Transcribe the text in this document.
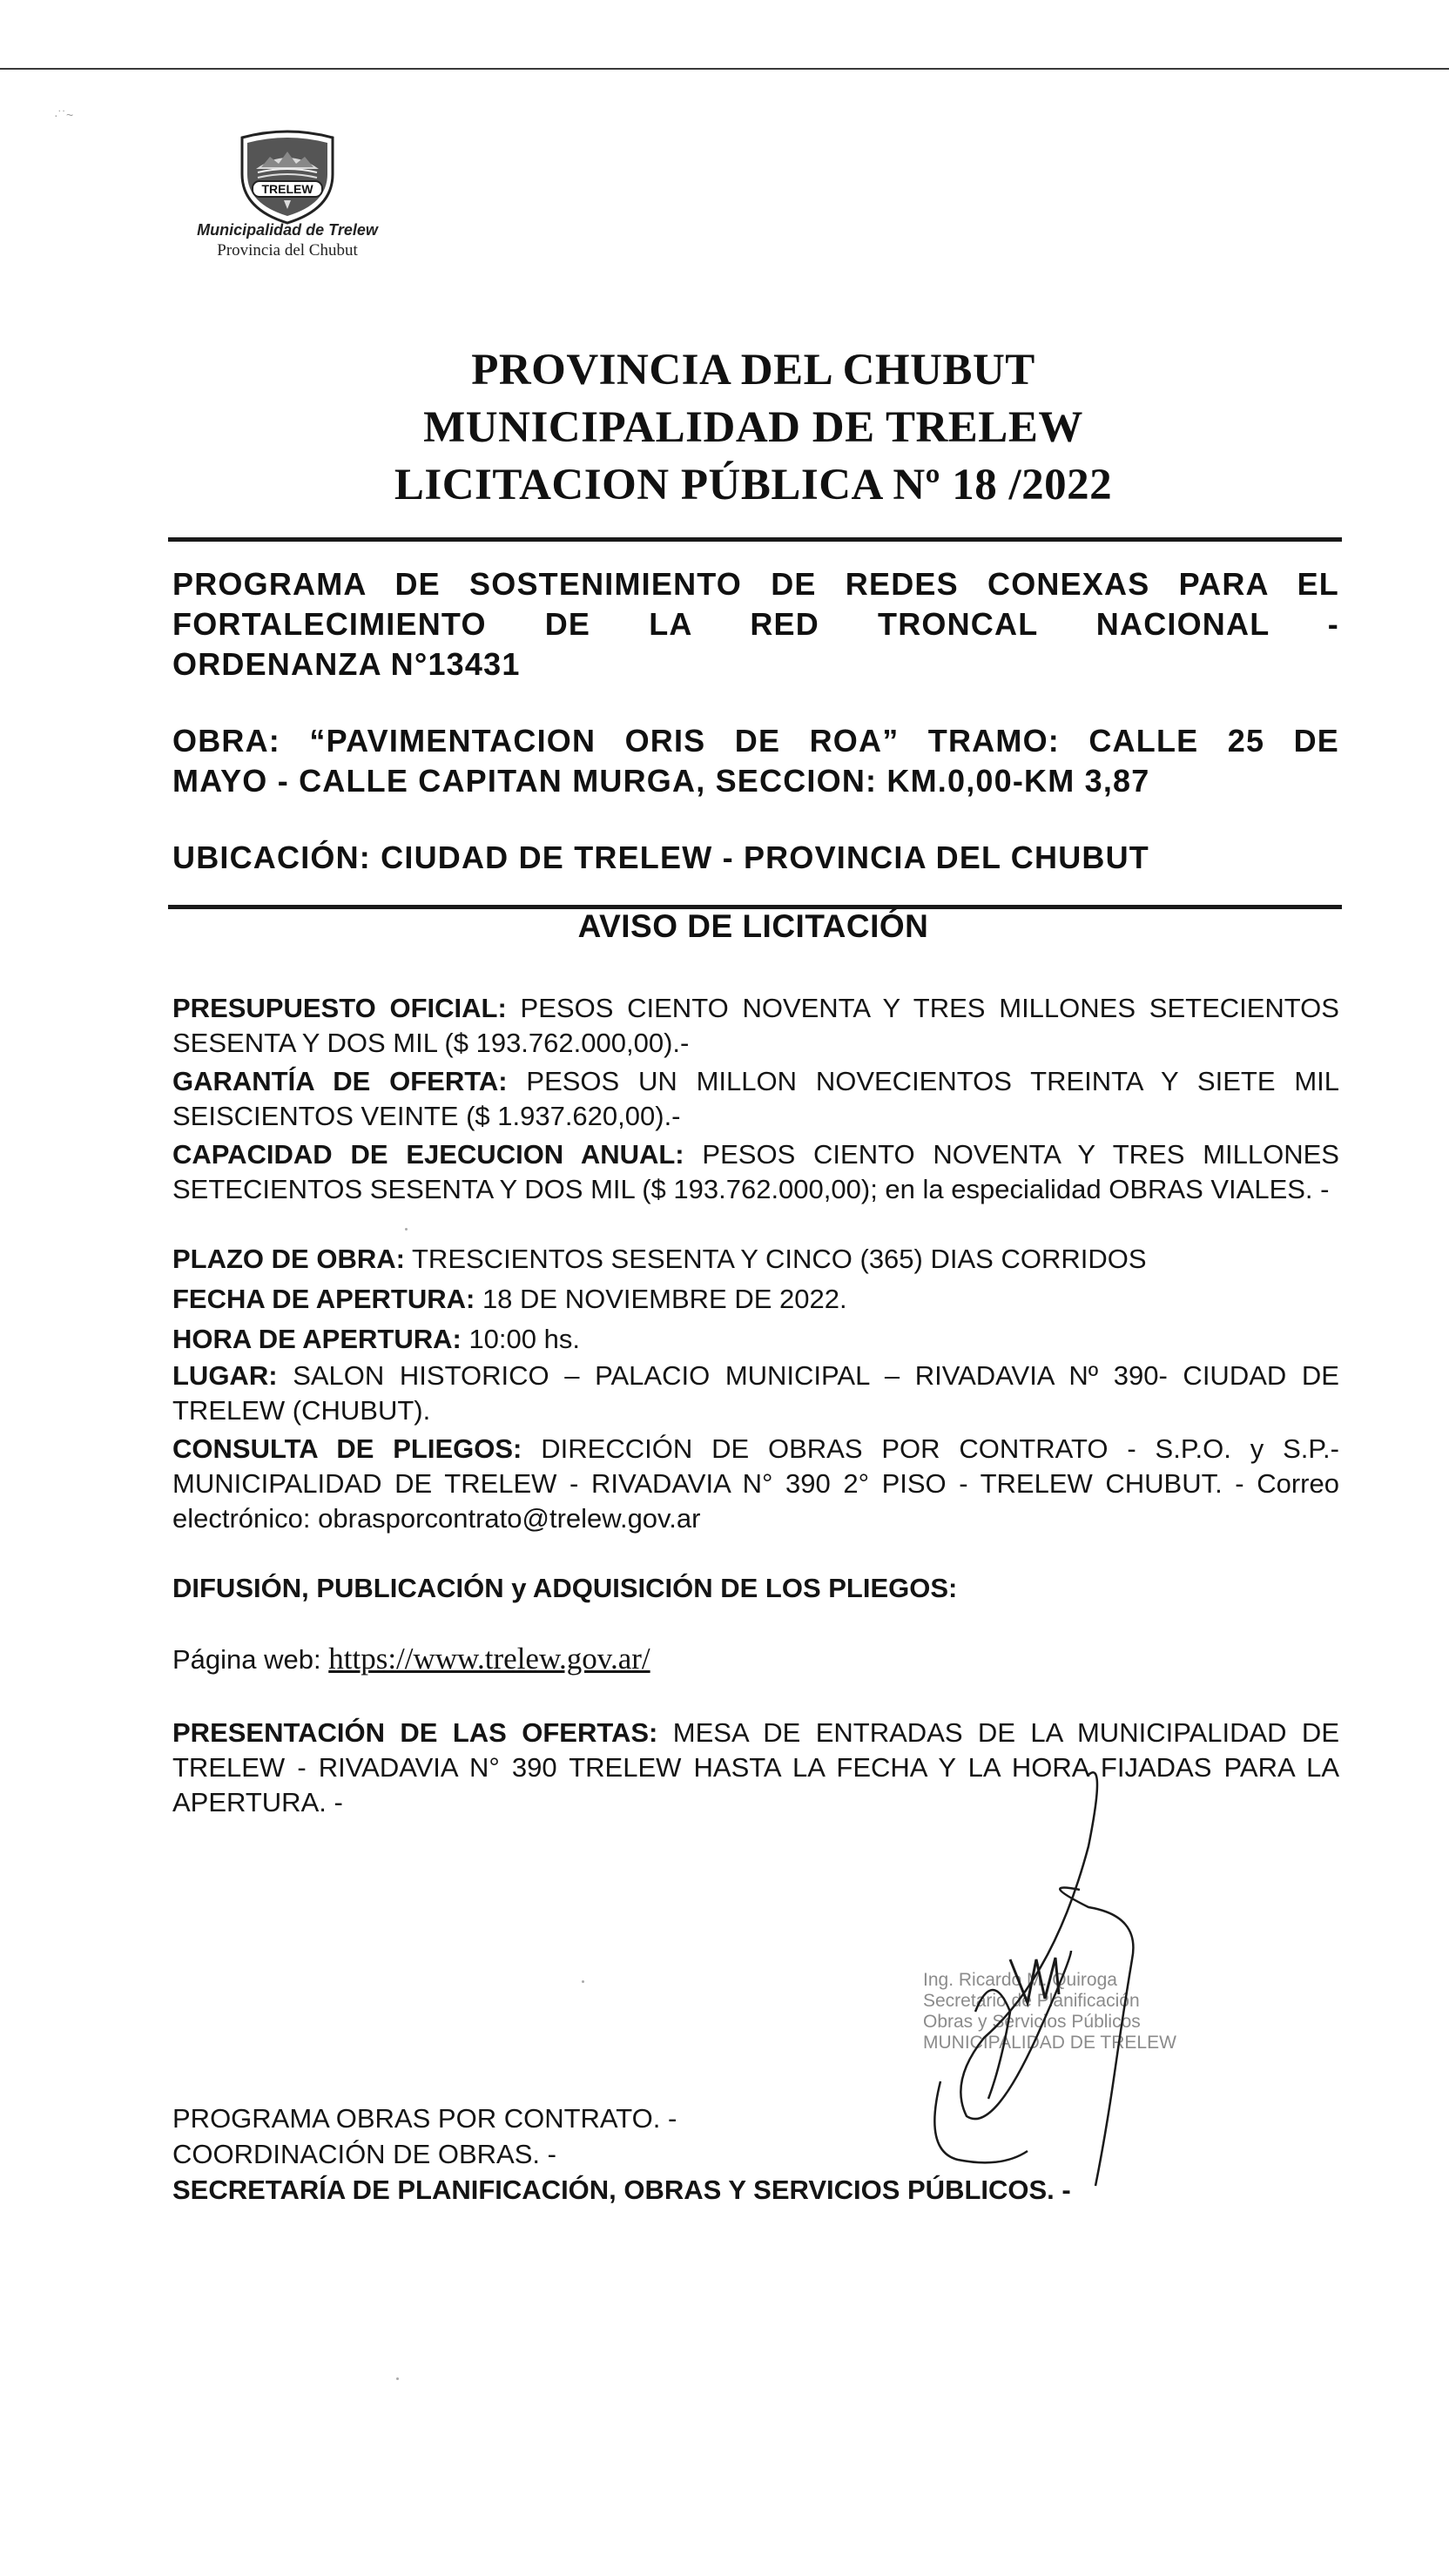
·˙˙~
TRELEW
Municipalidad de Trelew
Provincia del Chubut
PROVINCIA DEL CHUBUT
MUNICIPALIDAD DE TRELEW
LICITACION PÚBLICA Nº 18 /2022
PROGRAMA DE SOSTENIMIENTO DE REDES CONEXAS PARA EL
FORTALECIMIENTO DE LA RED TRONCAL NACIONAL -
ORDENANZA N°13431
OBRA: “PAVIMENTACION ORIS DE ROA” TRAMO: CALLE 25 DE
MAYO - CALLE CAPITAN MURGA, SECCION: KM.0,00-KM 3,87
UBICACIÓN: CIUDAD DE TRELEW - PROVINCIA DEL CHUBUT
AVISO DE LICITACIÓN
PRESUPUESTO OFICIAL: PESOS CIENTO NOVENTA Y TRES MILLONES SETECIENTOS SESENTA Y DOS MIL ($ 193.762.000,00).-
GARANTÍA DE OFERTA: PESOS UN MILLON NOVECIENTOS TREINTA Y SIETE MIL SEISCIENTOS VEINTE ($ 1.937.620,00).-
CAPACIDAD DE EJECUCION ANUAL: PESOS CIENTO NOVENTA Y TRES MILLONES SETECIENTOS SESENTA Y DOS MIL ($ 193.762.000,00); en la especialidad OBRAS VIALES. -
PLAZO DE OBRA: TRESCIENTOS SESENTA Y CINCO (365) DIAS CORRIDOS
FECHA DE APERTURA: 18 DE NOVIEMBRE DE 2022.
HORA DE APERTURA: 10:00 hs.
LUGAR: SALON HISTORICO – PALACIO MUNICIPAL – RIVADAVIA Nº 390- CIUDAD DE TRELEW (CHUBUT).
CONSULTA DE PLIEGOS: DIRECCIÓN DE OBRAS POR CONTRATO - S.P.O. y S.P.- MUNICIPALIDAD DE TRELEW - RIVADAVIA N° 390 2° PISO - TRELEW CHUBUT. - Correo electrónico: obrasporcontrato@trelew.gov.ar
DIFUSIÓN, PUBLICACIÓN y ADQUISICIÓN DE LOS PLIEGOS:
Página web: https://www.trelew.gov.ar/
PRESENTACIÓN DE LAS OFERTAS: MESA DE ENTRADAS DE LA MUNICIPALIDAD DE TRELEW - RIVADAVIA N° 390 TRELEW HASTA LA FECHA Y LA HORA FIJADAS PARA LA APERTURA. -
Ing. Ricardo M. Quiroga
Secretario de Planificación
Obras y Servicios Públicos
MUNICIPALIDAD DE TRELEW
PROGRAMA OBRAS POR CONTRATO. -
COORDINACIÓN DE OBRAS. -
SECRETARÍA DE PLANIFICACIÓN, OBRAS Y SERVICIOS PÚBLICOS. -
